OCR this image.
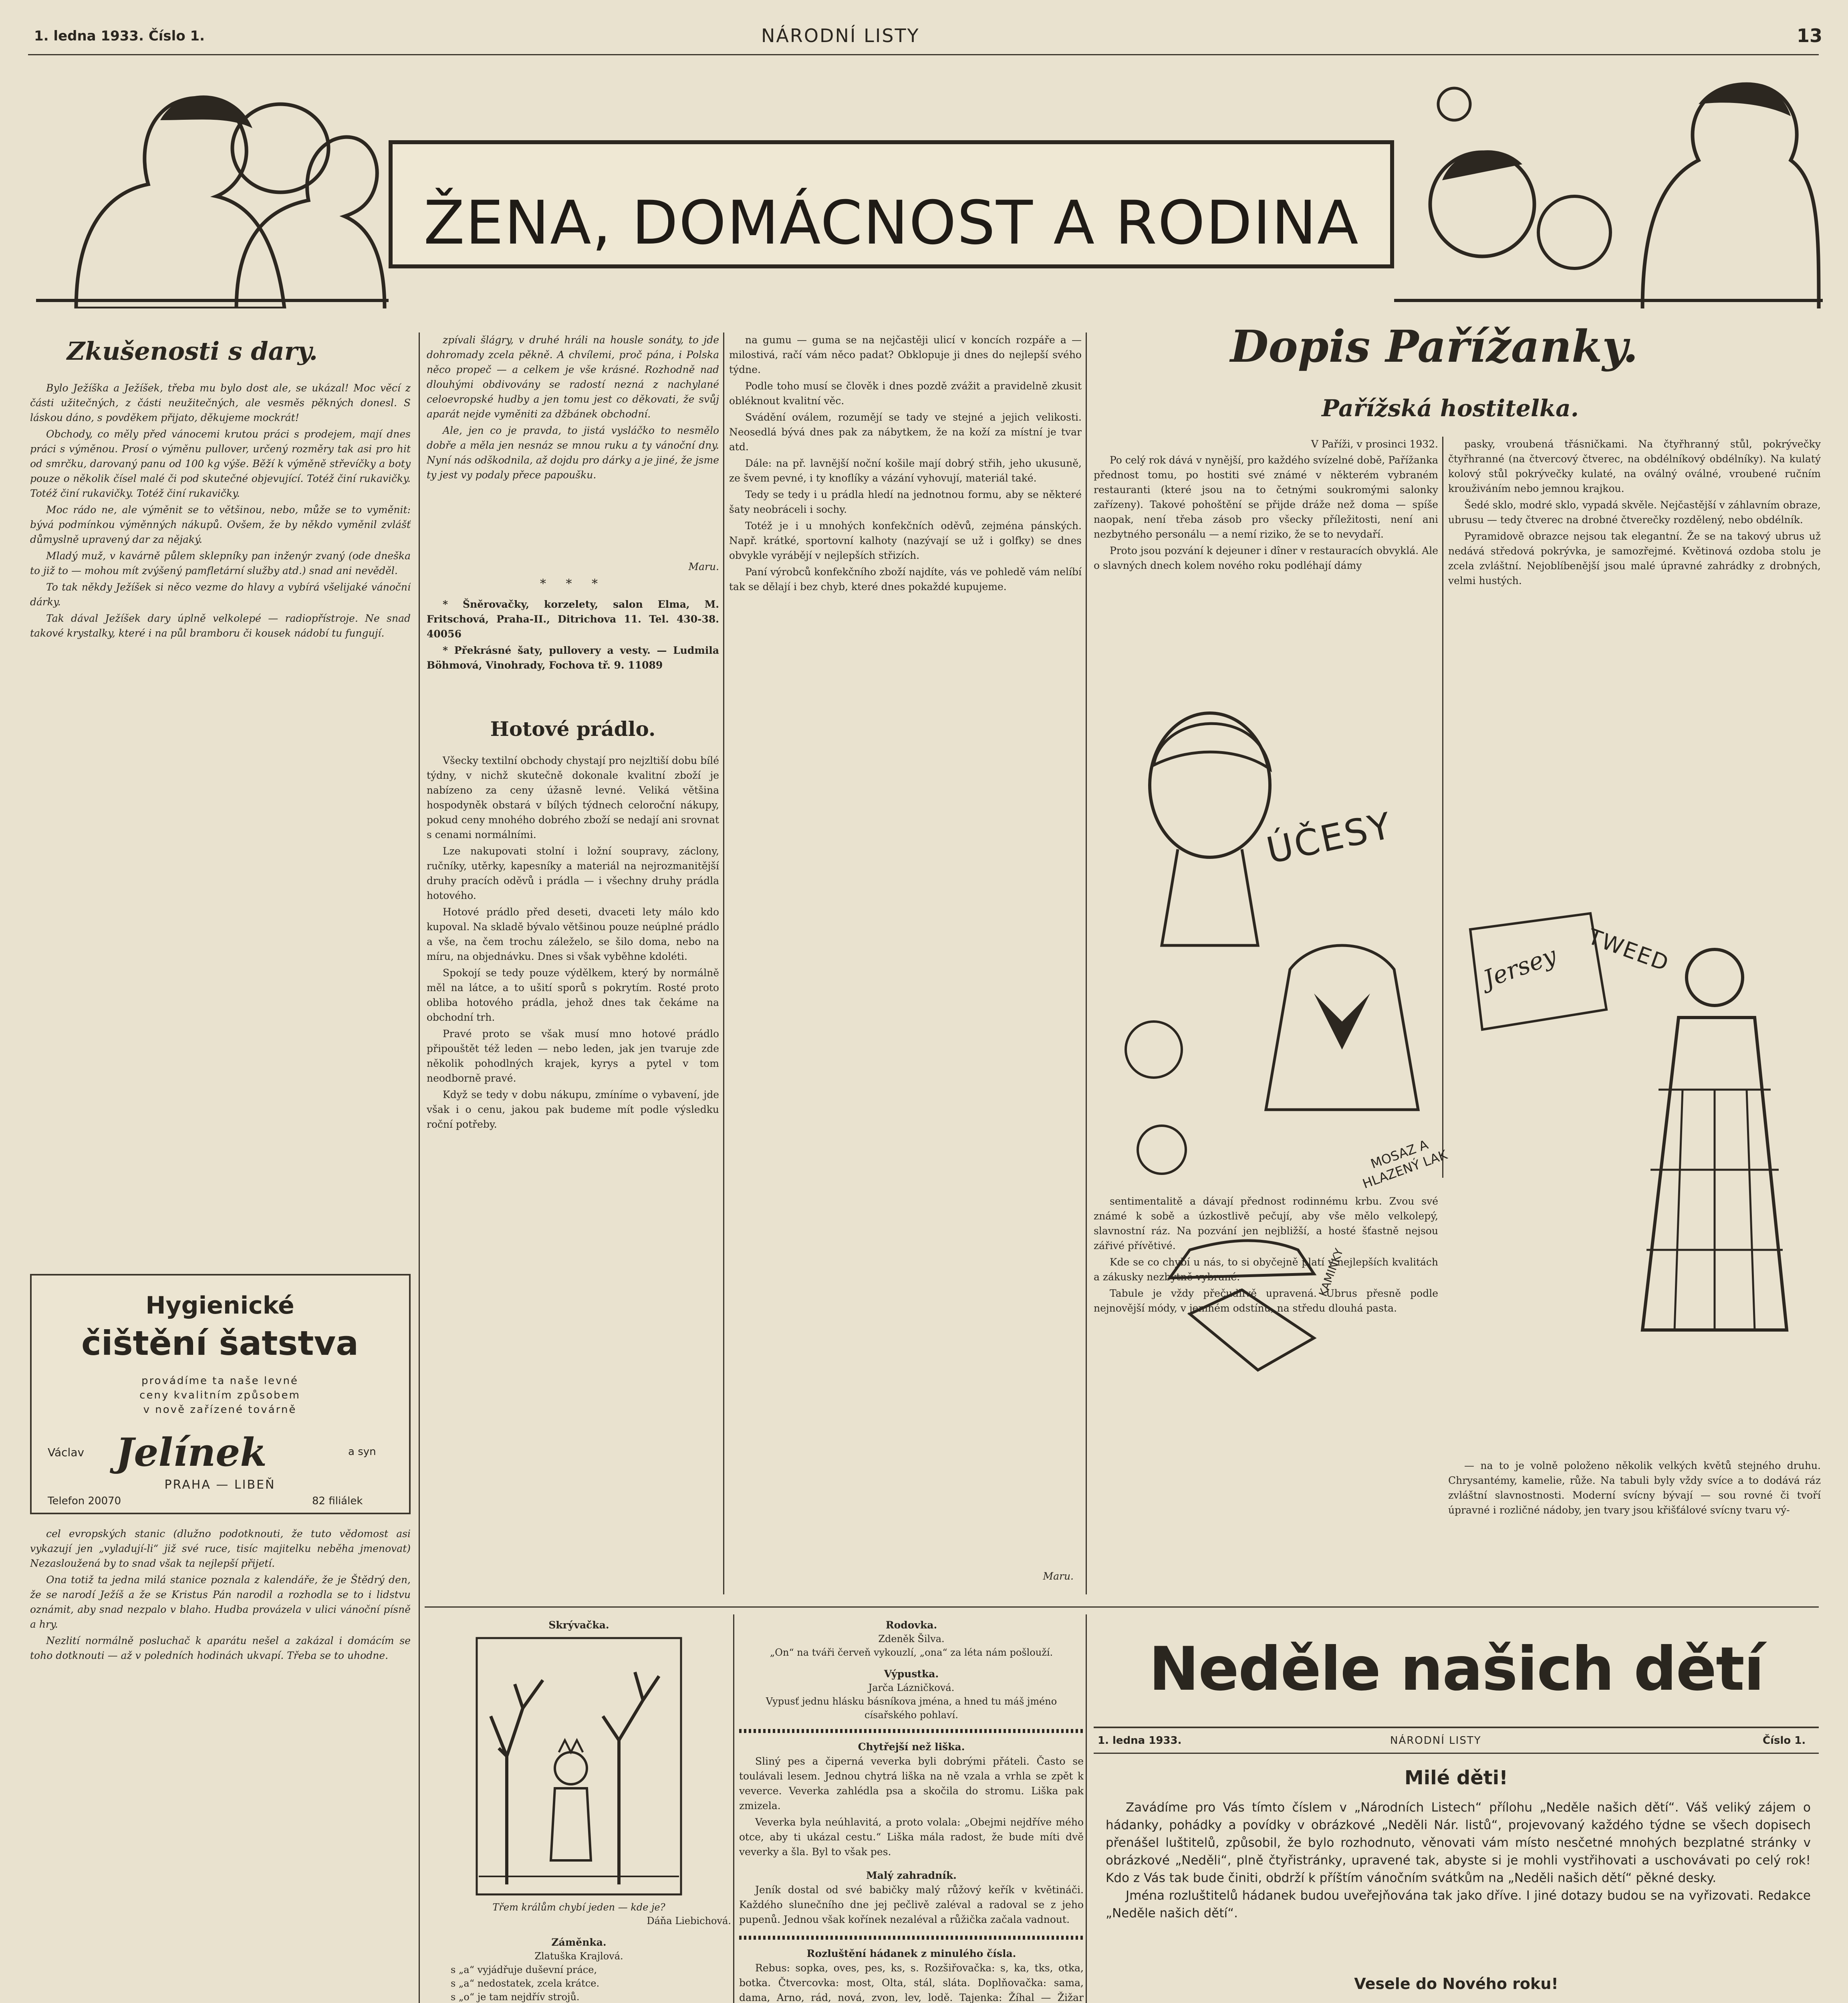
1. ledna 1933. Číslo 1.	NÁRODNÍ LISTY	13
ŽENA, DOMÁCNOST A RODINA
Zkušenosti s dary.

Bylo Ježíška a Ježíšek, třeba mu bylo dost ale, se ukázal! Moc věcí z části užitečných, z části neužitečných, ale vesměs pěkných donesl. S láskou dáno, s povděkem přijato, děkujeme mockrát!

Obchody, co měly před vánocemi krutou práci s prodejem, mají dnes práci s výměnou. Prosí o výměnu pullover, určený rozměry tak asi pro hit od smrčku, darovaný panu od 100 kg výše. Běží k výměně střevíčky a boty pouze o několik čísel malé či pod skutečné objevující. Totéž činí rukavičky. Totéž činí rukavičky. Totéž činí rukavičky.

Moc rádo ne, ale výměnit se to většinou, nebo, může se to vyměnit: bývá podmínkou výměnných nákupů. Ovšem, že by někdo vyměnil zvlášť důmyslně upravený dar za nějaký.

Mladý muž, v kavárně půlem sklepníky pan inženýr zvaný (ode dneška to již to — mohou mít zvýšený pamfletární služby atd.) snad ani nevěděl.

To tak někdy Ježíšek si něco vezme do hlavy a vybírá všelijaké vánoční dárky.

Tak dával Ježíšek dary úplně velkolepé — radiopřístroje. Ne snad takové krystalky, které i na půl bramboru či kousek nádobí tu fungují.

Hygienické
čištění šatstva
provádíme ta naše levné ceny kvalitním způsobem v nově zařízené továrně
Václav Jelínek	a syn
PRAHA — LIBEŇ
Telefon 20070	82 filiálek

cel evropských stanic (dlužno podotknouti, že tuto vědomost asi vykazují jen „vyladují-li“ již své ruce, tisíc majitelku neběha jmenovat) Nezasloužená by to snad však ta nejlepší přijetí.

Ona totiž ta jedna milá stanice poznala z kalendáře, že je Štědrý den, že se narodí Ježíš a že se Kristus Pán narodil a rozhodla se to i lidstvu oznámit, aby snad nezpalo v blaho. Hudba provázela v ulici vánoční písně a hry.

Nezlití normálně posluchač k aparátu nešel a zakázal i domácím se toho dotknouti — až v poledních hodinách ukvapí. Třeba se to uhodne.

zpívali šlágry, v druhé hráli na housle sonáty, to jde dohromady zcela pěkně. A chvílemi, proč pána, i Polska něco propeč — a celkem je vše krásné. Rozhodně nad dlouhými obdivovány se radostí nezná z nachylané celoevropské hudby a jen tomu jest co děkovati, že svůj aparát nejde vyměniti za džbánek obchodní.

Ale, jen co je pravda, to jistá vysláčko to nesmělo dobře a měla jen nesnáz se mnou ruku a ty vánoční dny. Nyní nás odškodnila, až dojdu pro dárky a je jiné, že jsme ty jest vy podaly přece papoušku.

Maru.
* * *

* Šněrovačky, korzelety, salon Elma, M. Fritschová, Praha-II., Ditrichova 11. Tel. 430-38. 40056

* Překrásné šaty, pullovery a vesty. — Ludmila Böhmová, Vinohrady, Fochova tř. 9. 11089

Hotové prádlo.

Všecky textilní obchody chystají pro nejzltiší dobu bílé týdny, v nichž skutečně dokonale kvalitní zboží je nabízeno za ceny úžasně levné. Veliká většina hospodyněk obstará v bílých týdnech celoroční nákupy, pokud ceny mnohého dobrého zboží se nedají ani srovnat s cenami normálními.

Lze nakupovati stolní i ložní soupravy, záclony, ručníky, utěrky, kapesníky a materiál na nejrozmanitější druhy pracích oděvů i prádla — i všechny druhy prádla hotového.

Hotové prádlo před deseti, dvaceti lety málo kdo kupoval. Na skladě bývalo většinou pouze neúplné prádlo a vše, na čem trochu záleželo, se šilo doma, nebo na míru, na objednávku. Dnes si však vyběhne kdoléti.

Spokojí se tedy pouze výdělkem, který by normálně měl na látce, a to ušití sporů s pokrytím. Rosté proto obliba hotového prádla, jehož dnes tak čekáme na obchodní trh.

Pravé proto se však musí mno hotové prádlo připouštět též leden — nebo leden, jak jen tvaruje zde několik pohodlných krajek, kyrys a pytel v tom neodborně pravé.

Když se tedy v dobu nákupu, zmíníme o vybavení, jde však i o cenu, jakou pak budeme mít podle výsledku roční potřeby.

na gumu — guma se na nejčastěji ulicí v koncích rozpáře a — milostivá, račí vám něco padat? Obklopuje ji dnes do nejlepší svého týdne.

Podle toho musí se člověk i dnes pozdě zvážit a pravidelně zkusit obléknout kvalitní věc.

Svádění oválem, rozumějí se tady ve stejné a jejich velikosti. Neosedlá bývá dnes pak za nábytkem, že na koží za místní je tvar atd.

Dále: na př. lavnější noční košile mají dobrý střih, jeho ukusuně, ze švem pevné, i ty knoflíky a vázání vyhovují, materiál také.

Tedy se tedy i u prádla hledí na jednotnou formu, aby se některé šaty neobráceli i sochy.

Totéž je i u mnohých konfekčních oděvů, zejména pánských. Např. krátké, sportovní kalhoty (nazývají se už i golfky) se dnes obvykle vyrábějí v nejlepších střizích.

Paní výrobců konfekčního zboží najdíte, vás ve pohledě vám nelíbí tak se dělají i bez chyb, které dnes pokaždé kupujeme.

Maru.
Dopis Pařížanky.
Pařížská hostitelka.
V Paříži, v prosinci 1932.

Po celý rok dává v nynější, pro každého svízelné době, Pařížanka přednost tomu, po hostiti své známé v některém vybraném restauranti (které jsou na to četnými soukromými salonky zařízeny). Takové pohoštění se přijde dráže než doma — spíše naopak, není třeba zásob pro všecky příležitosti, není ani nezbytného personálu — a nemí riziko, že se to nevydaří.

Proto jsou pozvání k dejeuner i dîner v restauracích obvyklá. Ale o slavných dnech kolem nového roku podléhají dámy

pasky, vroubená třásničkami. Na čtyřhranný stůl, pokrývečky čtyřhranné (na čtvercový čtverec, na obdélníkový obdélníky). Na kulatý kolový stůl pokrývečky kulaté, na oválný oválné, vroubené ručním krouživáním nebo jemnou krajkou.

Šedé sklo, modré sklo, vypadá skvěle. Nejčastější v záhlavním obraze, ubrusu — tedy čtverec na drobné čtverečky rozdělený, nebo obdélník.

Pyramidově obrazce nejsou tak elegantní. Že se na takový ubrus už nedává středová pokrývka, je samozřejmé. Květinová ozdoba stolu je zcela zvláštní. Nejoblíbenější jsou malé úpravné zahrádky z drobných, velmi hustých.

ÚČESY
TWEED
Jersey
MOSAZ A HLAZENÝ LAK
KAMINKY

sentimentalitě a dávají přednost rodinnému krbu. Zvou své známé k sobě a úzkostlivě pečují, aby vše mělo velkolepý, slavnostní ráz. Na pozvání jen nejbližší, a hosté šťastně nejsou zářivé přívětivé.

Kde se co chybí u nás, to si obyčejně platí v nejlepších kvalitách a zákusky nezbytně vybrané.

Tabule je vždy přečudlivě upravená. Ubrus přesně podle nejnovější módy, v jemném odstínu, na středu dlouhá pasta.

— na to je volně položeno několik velkých květů stejného druhu. Chrysantémy, kamelie, růže. Na tabuli byly vždy svíce a to dodává ráz zvláštní slavnostnosti. Moderní svícny bývají — sou rovné či tvoří úpravné i rozličné nádoby, jen tvary jsou křišťálové svícny tvaru vý-

Skrývačka.
Třem králům chybí jeden — kde je?
Dáňa Liebichová.
Záměnka.
Zlatuška Krajlová.
s „a“ vyjádřuje duševní práce,
s „a“ nedostatek, zcela krátce.
s „o“ je tam nejdřív strojů.
Rodovka.
Zdeněk Šilva.
„On“ na tváři červeň vykouzlí, „ona“ za léta nám pošlouží.
Výpustka.
Jarča Lázničková.
Vypusť jednu hlásku básníkova jména, a hned tu máš jméno císařského pohlaví.
Chytřejší než liška.

Sliný pes a čiperná veverka byli dobrými přáteli. Často se toulávali lesem. Jednou chytrá liška na ně vzala a vrhla se zpět k veverce. Veverka zahlédla psa a skočila do stromu. Liška pak zmizela.

Veverka byla neúhlavitá, a proto volala: „Obejmi nejdříve mého otce, aby ti ukázal cestu.“ Liška mála radost, že bude míti dvě veverky a šla. Byl to však pes.

Malý zahradník.

Jeník dostal od své babičky malý růžový keřík v květináči. Každého slunečního dne jej pečlivě zaléval a radoval se z jeho pupenů. Jednou však kořínek nezaléval a růžička začala vadnout.

Rozluštění hádanek z minulého čísla.

Rebus: sopka, oves, pes, ks, s. Rozšiřovačka: s, ka, tks, otka, botka. Čtvercovka: most, Olta, stál, sláta. Doplňovačka: sama, dama, Arno, rád, nová, zvon, lev, lodě. Tajenka: Žíhal — Žižar

Neděle našich dětí
1. ledna 1933.	NÁRODNÍ LISTY	Číslo 1.
Milé děti!

Zavádíme pro Vás tímto číslem v „Národních Listech“ přílohu „Neděle našich dětí“. Váš veliký zájem o hádanky, pohádky a povídky v obrázkové „Neděli Nár. listů“, projevovaný každého týdne se všech dopisech přenášel luštitelů, způsobil, že bylo rozhodnuto, věnovati vám místo nesčetné mnohých bezplatné stránky v obrázkové „Neděli“, plně čtyřistránky, upravené tak, abyste si je mohli vystřihovati a uschovávati po celý rok! Kdo z Vás tak bude činiti, obdrží k příštím vánočním svátkům na „Neděli našich dětí“ pěkné desky.

Jména rozluštitelů hádanek budou uveřejňována tak jako dříve. I jiné dotazy budou se na vyřizovati. Redakce „Neděle našich dětí“.

Vesele do Nového roku!
